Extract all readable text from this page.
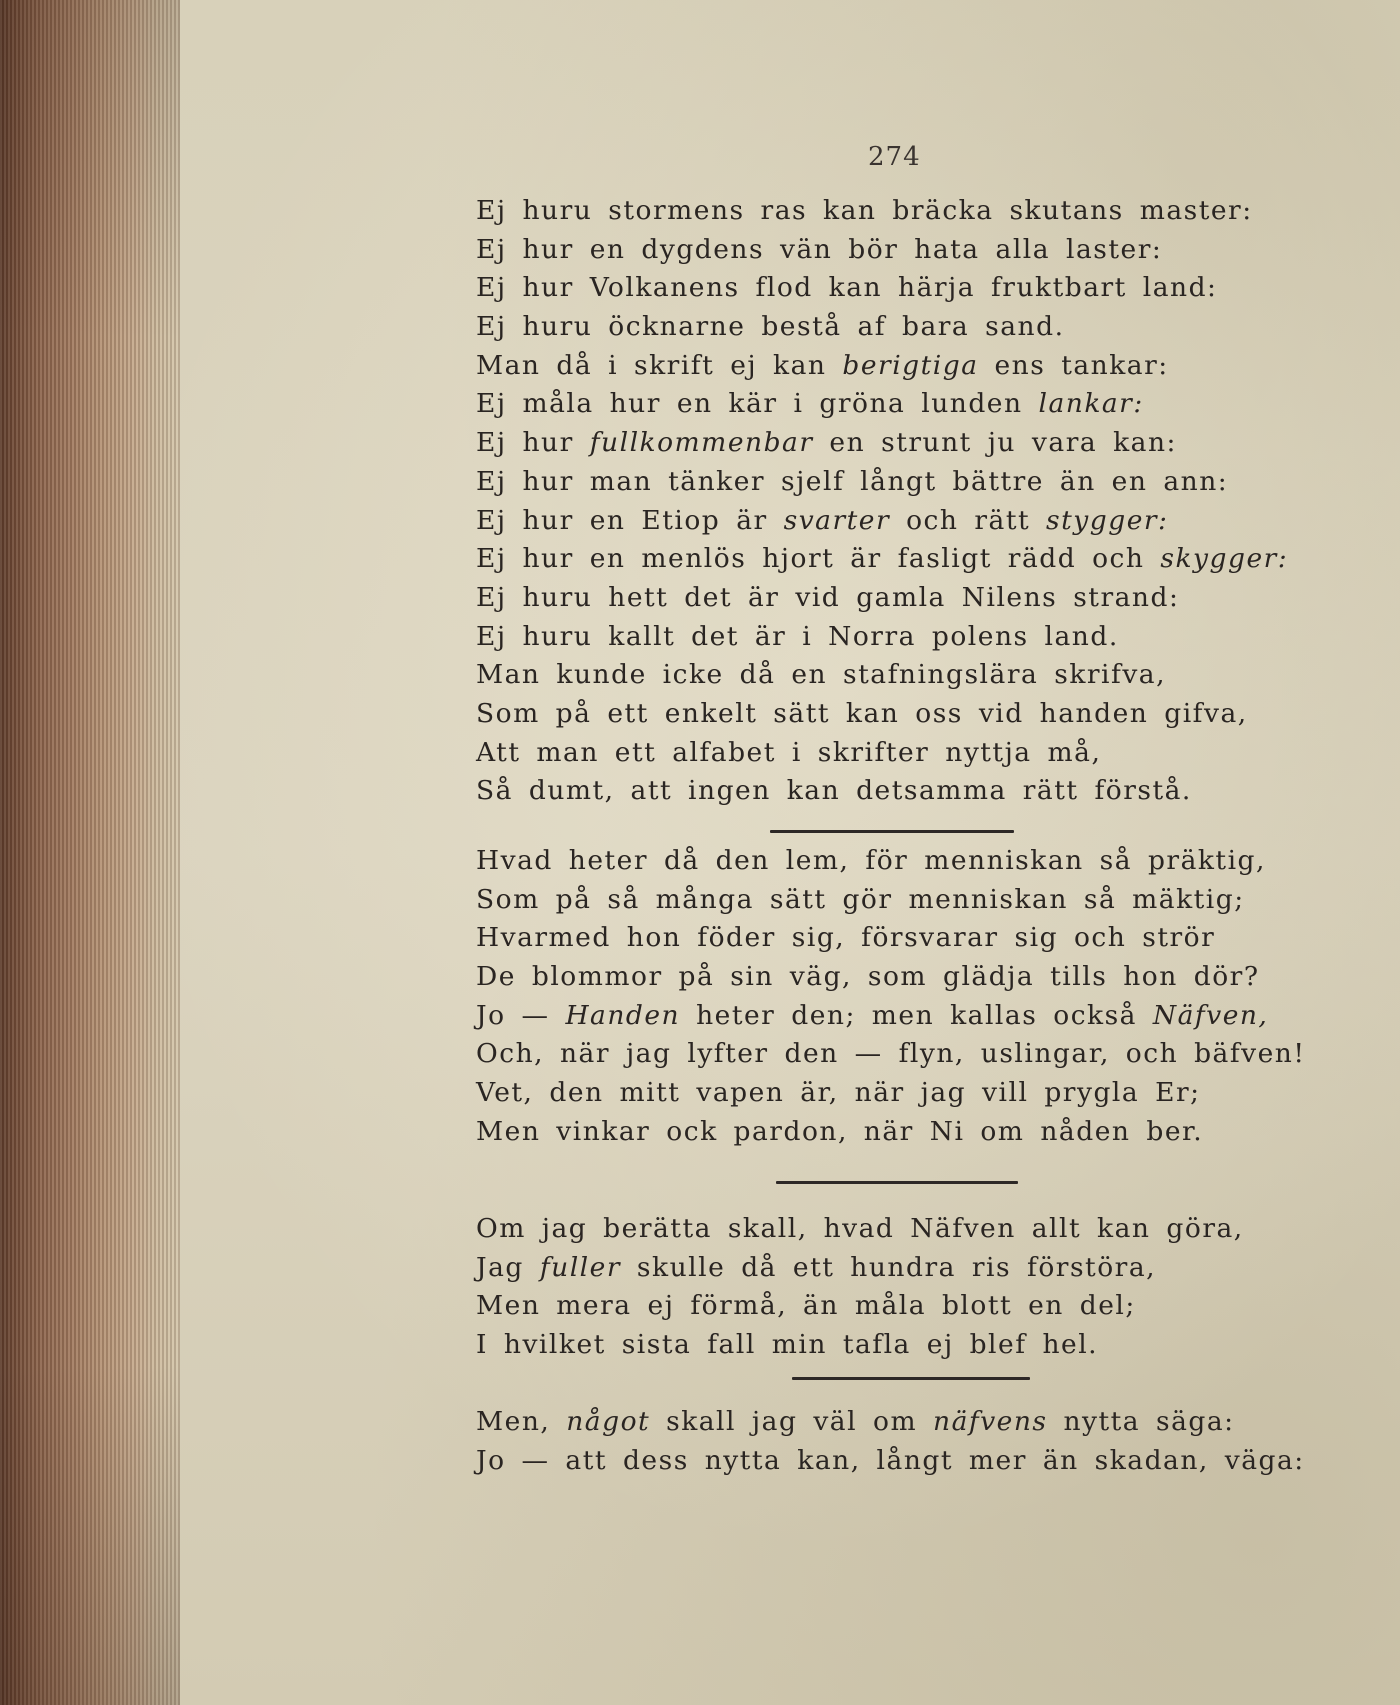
274
Ej huru stormens ras kan bräcka skutans master:
Ej hur en dygdens vän bör hata alla laster:
Ej hur Volkanens flod kan härja fruktbart land:
Ej huru öcknarne bestå af bara sand.
Man då i skrift ej kan berigtiga ens tankar:
Ej måla hur en kär i gröna lunden lankar:
Ej hur fullkommenbar en strunt ju vara kan:
Ej hur man tänker sjelf långt bättre än en ann:
Ej hur en Etiop är svarter och rätt stygger:
Ej hur en menlös hjort är fasligt rädd och skygger:
Ej huru hett det är vid gamla Nilens strand:
Ej huru kallt det är i Norra polens land.
Man kunde icke då en stafningslära skrifva,
Som på ett enkelt sätt kan oss vid handen gifva,
Att man ett alfabet i skrifter nyttja må,
Så dumt, att ingen kan detsamma rätt förstå.
Hvad heter då den lem, för menniskan så präktig,
Som på så många sätt gör menniskan så mäktig;
Hvarmed hon föder sig, försvarar sig och strör
De blommor på sin väg, som glädja tills hon dör?
Jo — Handen heter den; men kallas också Näfven,
Och, när jag lyfter den — flyn, uslingar, och bäfven!
Vet, den mitt vapen är, när jag vill prygla Er;
Men vinkar ock pardon, när Ni om nåden ber.
Om jag berätta skall, hvad Näfven allt kan göra,
Jag fuller skulle då ett hundra ris förstöra,
Men mera ej förmå, än måla blott en del;
I hvilket sista fall min tafla ej blef hel.
Men, något skall jag väl om näfvens nytta säga:
Jo — att dess nytta kan, långt mer än skadan, väga:
